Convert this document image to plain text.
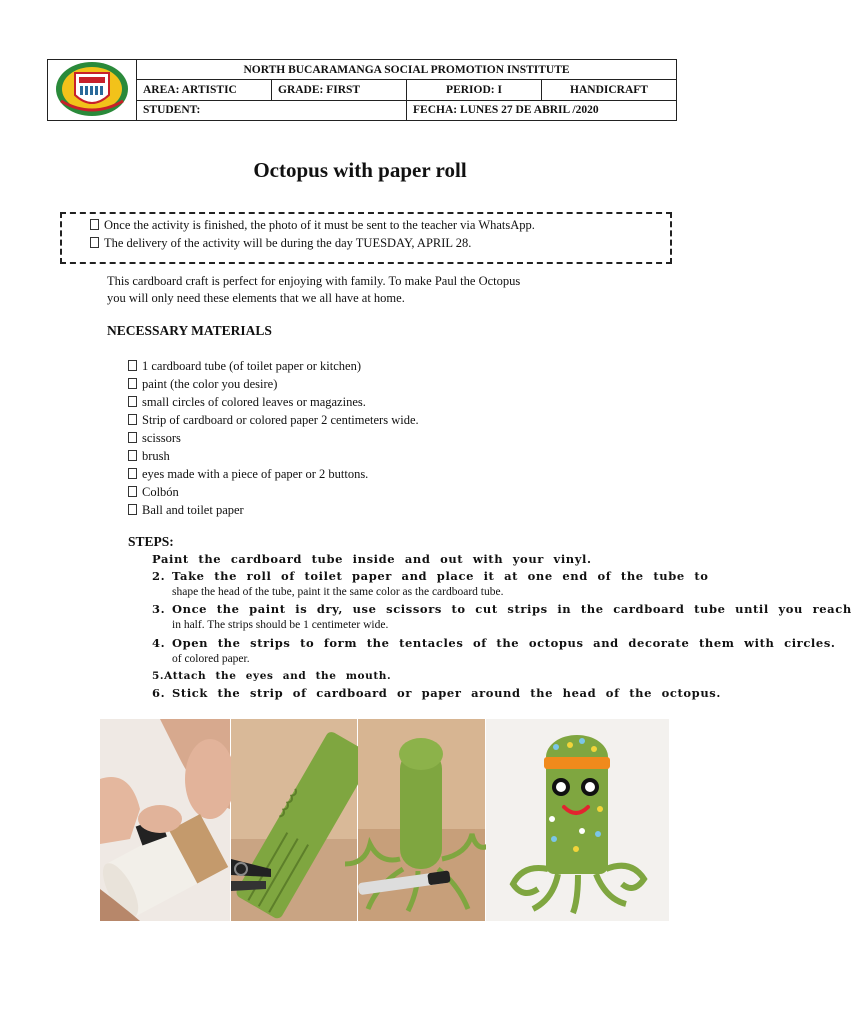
	NORTH BUCARAMANGA SOCIAL PROMOTION INSTITUTE			
	AREA: ARTISTIC	GRADE: FIRST	PERIOD: I	HANDICRAFT
	STUDENT:		FECHA: LUNES 27 DE ABRIL /2020	
Octopus with paper roll
Once the activity is finished, the photo of it must be sent to the teacher via WhatsApp.
The delivery of the activity will be during the day TUESDAY, APRIL 28.
This cardboard craft is perfect for enjoying with family. To make Paul the Octopus
you will only need these elements that we all have at home.
NECESSARY MATERIALS
1 cardboard tube (of toilet paper or kitchen)
paint (the color you desire)
small circles of colored leaves or magazines.
Strip of cardboard or colored paper 2 centimeters wide.
scissors
brush
eyes made with a piece of paper or 2 buttons.
Colbón
Ball and toilet paper
STEPS:
Paint the cardboard tube inside and out with your vinyl.
2. Take the roll of toilet paper and place it at one end of the tube to
shape the head of the tube, paint it the same color as the cardboard tube.
3. Once the paint is dry, use scissors to cut strips in the cardboard tube until you reach
in half. The strips should be 1 centimeter wide.
4. Open the strips to form the tentacles of the octopus and decorate them with circles.
of colored paper.
5.Attach the eyes and the mouth.
6. Stick the strip of cardboard or paper around the head of the octopus.
